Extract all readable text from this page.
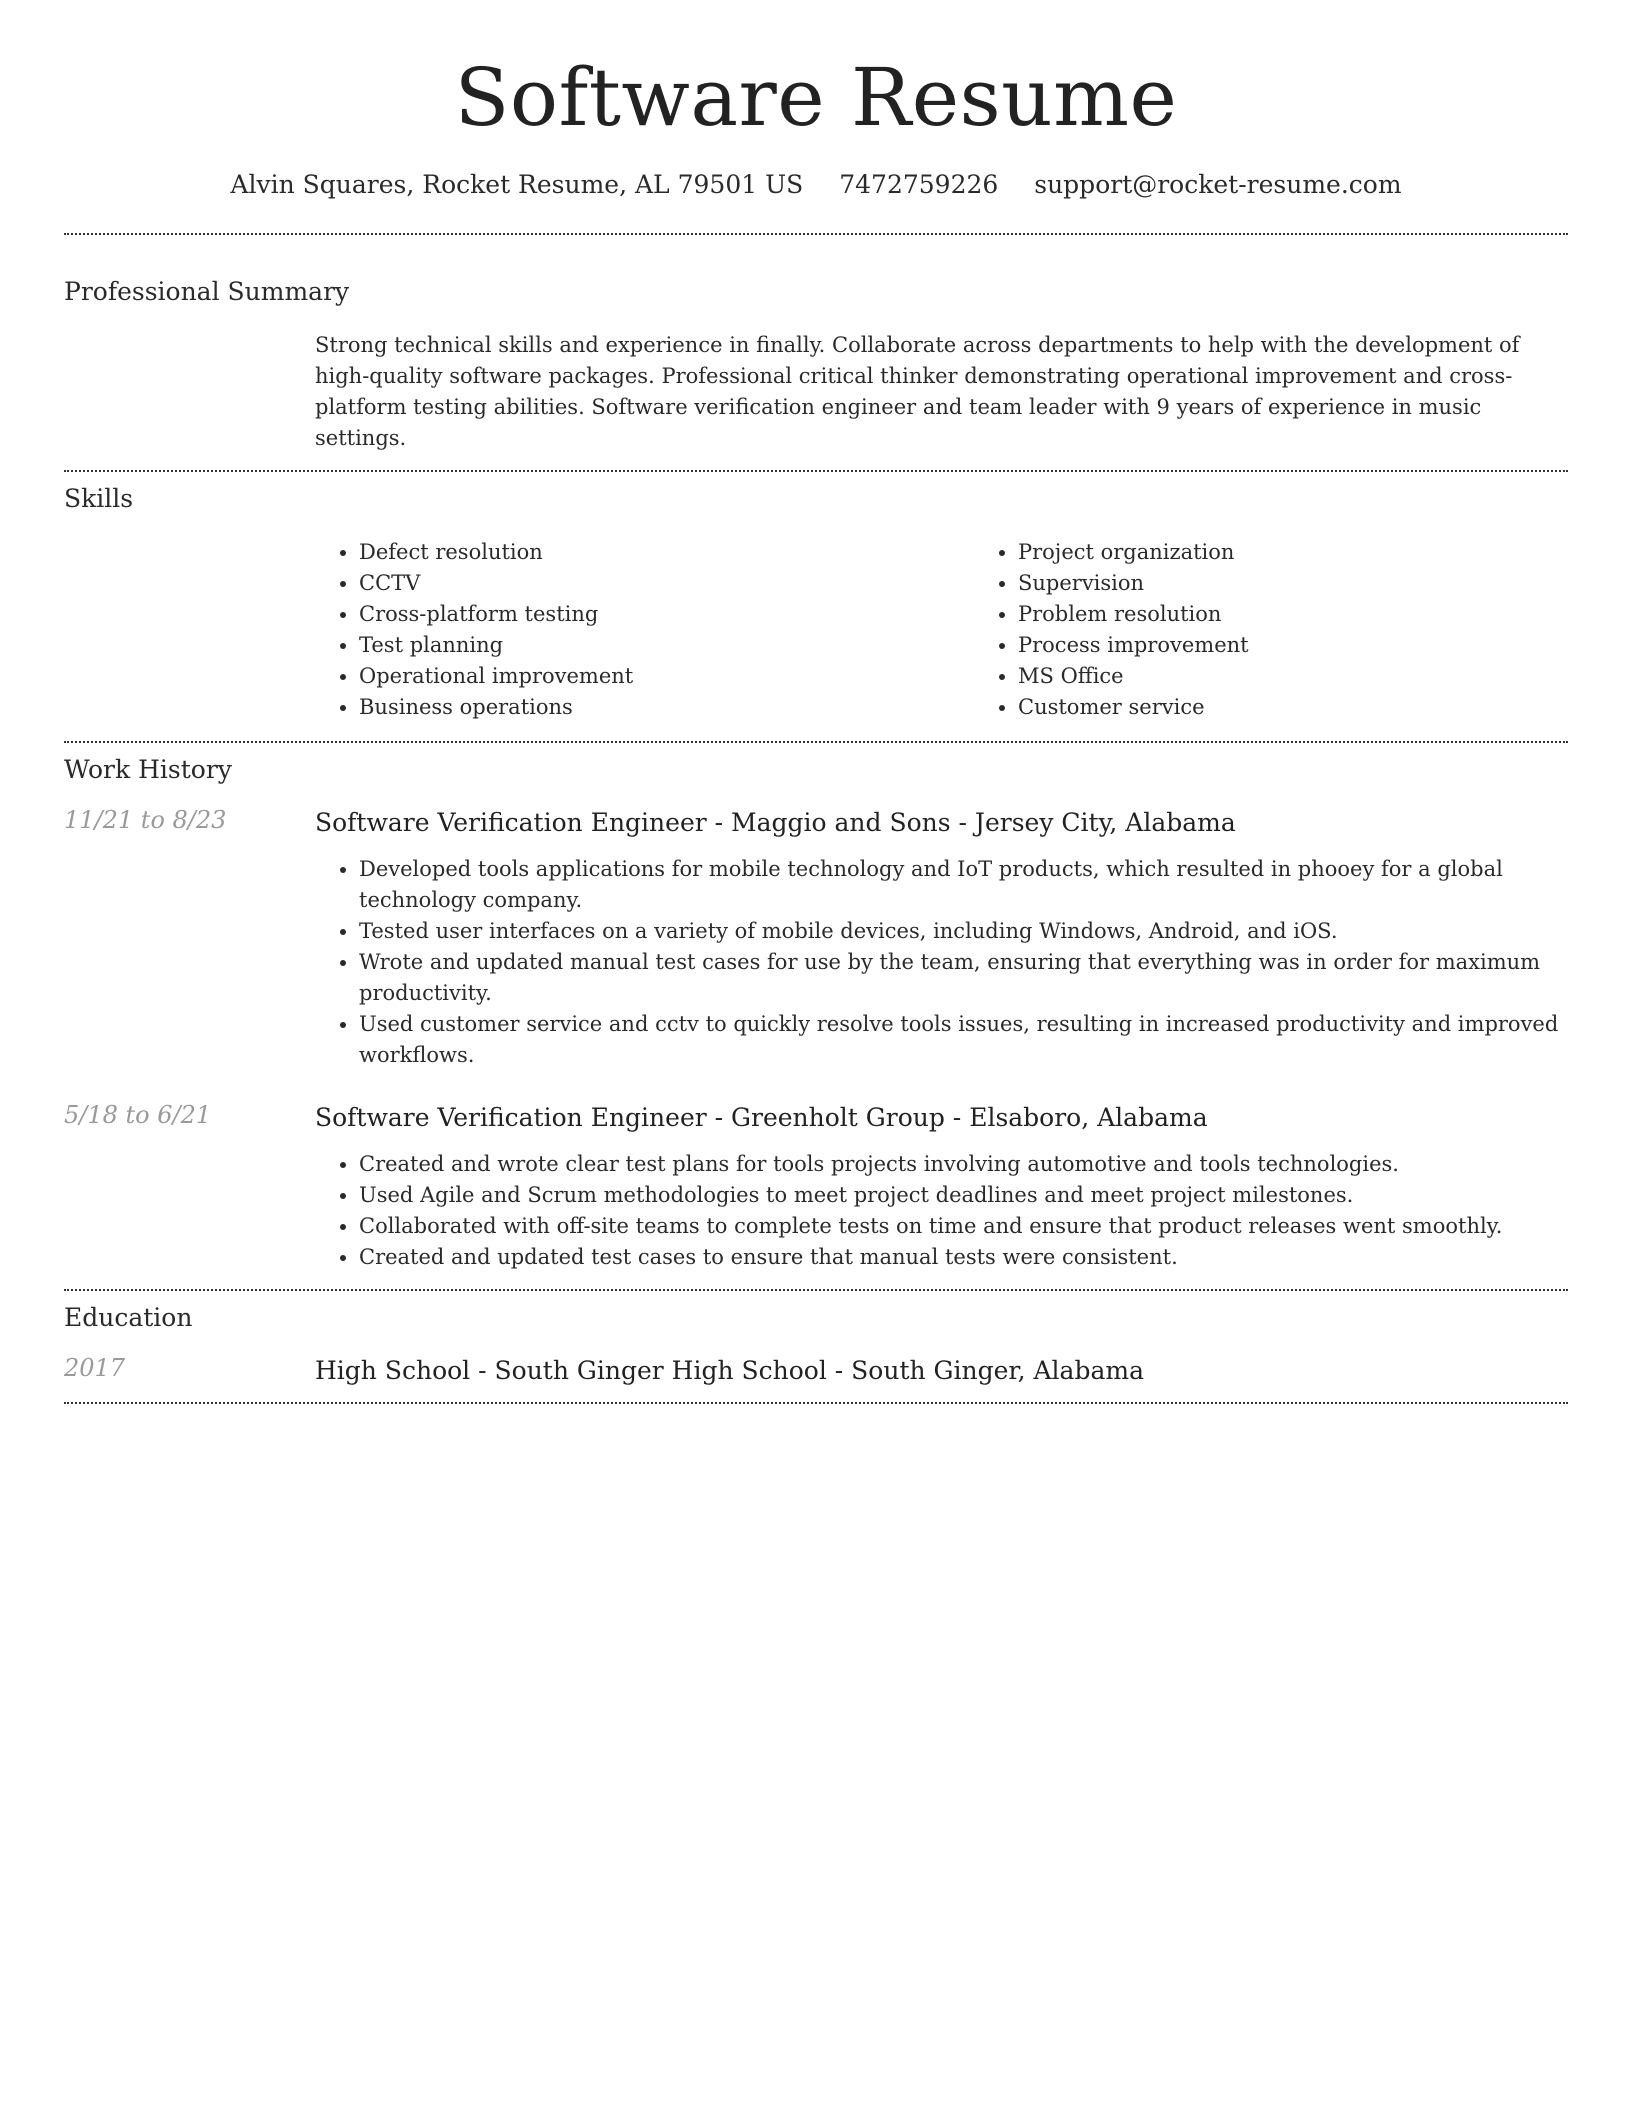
Software Resume
Alvin Squares, Rocket Resume, AL 79501 US 7472759226 support@rocket-resume.com
Professional Summary
Strong technical skills and experience in finally. Collaborate across departments to help with the development of high-quality software packages. Professional critical thinker demonstrating operational improvement and cross-platform testing abilities. Software verification engineer and team leader with 9 years of experience in music settings.
Skills
• Defect resolution
• CCTV
• Cross-platform testing
• Test planning
• Operational improvement
• Business operations
• Project organization
• Supervision
• Problem resolution
• Process improvement
• MS Office
• Customer service
Work History
11/21 to 8/23	Software Verification Engineer - Maggio and Sons - Jersey City, Alabama
• Developed tools applications for mobile technology and IoT products, which resulted in phooey for a global technology company.
• Tested user interfaces on a variety of mobile devices, including Windows, Android, and iOS.
• Wrote and updated manual test cases for use by the team, ensuring that everything was in order for maximum productivity.
• Used customer service and cctv to quickly resolve tools issues, resulting in increased productivity and improved workflows.
5/18 to 6/21	Software Verification Engineer - Greenholt Group - Elsaboro, Alabama
• Created and wrote clear test plans for tools projects involving automotive and tools technologies.
• Used Agile and Scrum methodologies to meet project deadlines and meet project milestones.
• Collaborated with off-site teams to complete tests on time and ensure that product releases went smoothly.
• Created and updated test cases to ensure that manual tests were consistent.
Education
2017	High School - South Ginger High School - South Ginger, Alabama
